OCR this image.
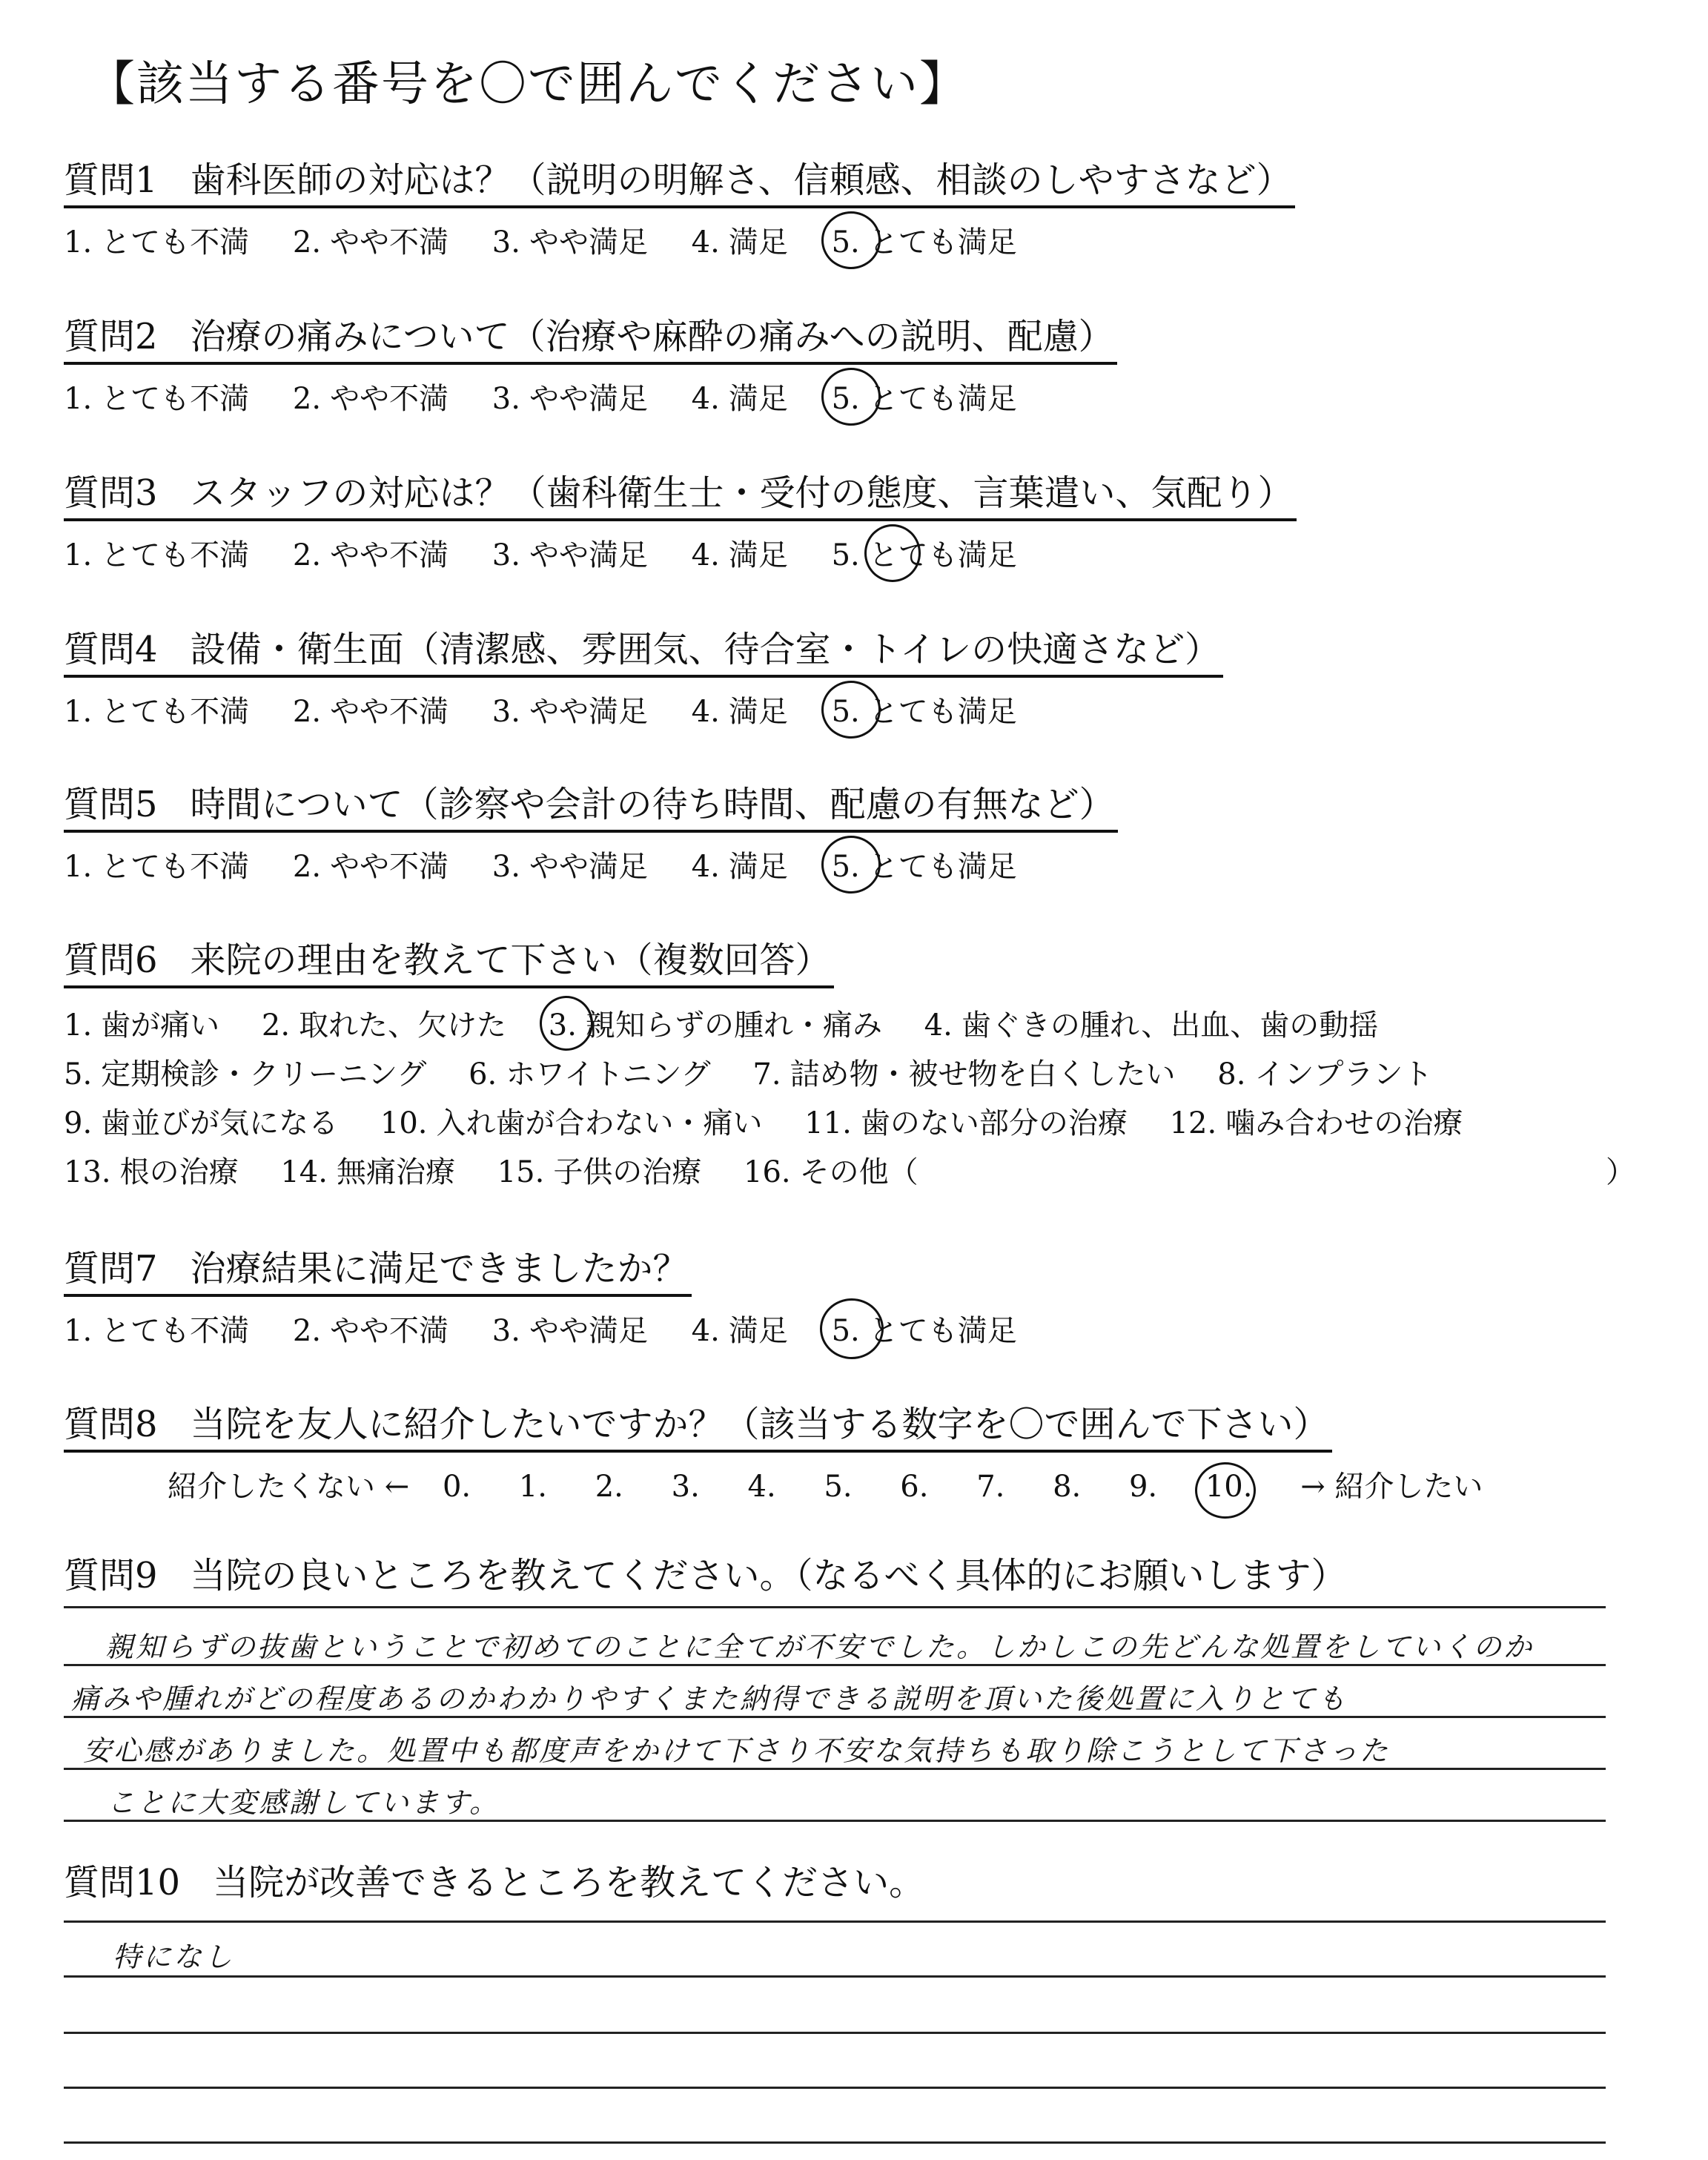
【該当する番号を〇で囲んでください】
質問1 歯科医師の対応は？（説明の明解さ、信頼感、相談のしやすさなど）
1. とても不満 2. やや不満 3. やや満足 4. 満足 5. とても満足
質問2 治療の痛みについて（治療や麻酔の痛みへの説明、配慮）
1. とても不満 2. やや不満 3. やや満足 4. 満足 5. とても満足
質問3 スタッフの対応は？（歯科衛生士・受付の態度、言葉遣い、気配り）
1. とても不満 2. やや不満 3. やや満足 4. 満足 5. とても満足
質問4 設備・衛生面（清潔感、雰囲気、待合室・トイレの快適さなど）
1. とても不満 2. やや不満 3. やや満足 4. 満足 5. とても満足
質問5 時間について（診察や会計の待ち時間、配慮の有無など）
1. とても不満 2. やや不満 3. やや満足 4. 満足 5. とても満足
質問6 来院の理由を教えて下さい（複数回答）
1. 歯が痛い 2. 取れた、欠けた 3. 親知らずの腫れ・痛み 4. 歯ぐきの腫れ、出血、歯の動揺
5. 定期検診・クリーニング 6. ホワイトニング 7. 詰め物・被せ物を白くしたい 8. インプラント
9. 歯並びが気になる 10. 入れ歯が合わない・痛い 11. 歯のない部分の治療 12. 噛み合わせの治療
13. 根の治療 14. 無痛治療 15. 子供の治療 16. その他（	）
質問7 治療結果に満足できましたか？
1. とても不満 2. やや不満 3. やや満足 4. 満足 5. とても満足
質問8 当院を友人に紹介したいですか？（該当する数字を〇で囲んで下さい）
紹介したくない ← 0. 1. 2. 3. 4. 5. 6. 7. 8. 9. 10. → 紹介したい
質問9 当院の良いところを教えてください。（なるべく具体的にお願いします）
親知らずの抜歯ということで初めてのことに全てが不安でした。しかしこの先どんな処置をしていくのか
痛みや腫れがどの程度あるのかわかりやすくまた納得できる説明を頂いた後処置に入りとても
安心感がありました。処置中も都度声をかけて下さり不安な気持ちも取り除こうとして下さった
ことに大変感謝しています。
質問10 当院が改善できるところを教えてください。
特になし
